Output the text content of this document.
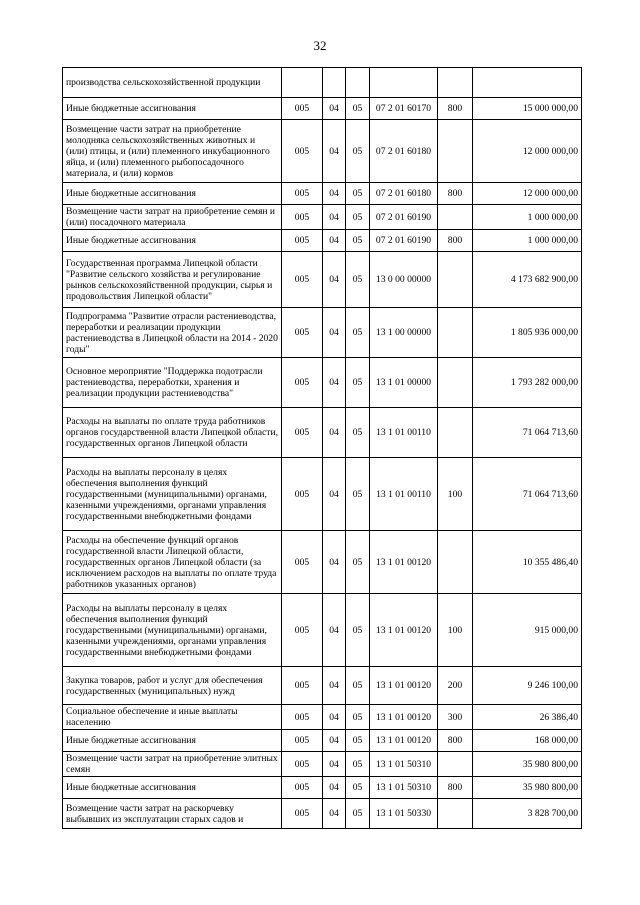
32
производства сельскохозяйственной продукции						
Иные бюджетные ассигнования	005	04	05	07 2 01 60170	800	15 000 000,00
Возмещение части затрат на приобретение молодняка сельскохозяйственных животных и (или) птицы, и (или) племенного инкубационного яйца, и (или) племенного рыбопосадочного материала, и (или) кормов	005	04	05	07 2 01 60180		12 000 000,00
Иные бюджетные ассигнования	005	04	05	07 2 01 60180	800	12 000 000,00
Возмещение части затрат на приобретение семян и (или) посадочного материала	005	04	05	07 2 01 60190		1 000 000,00
Иные бюджетные ассигнования	005	04	05	07 2 01 60190	800	1 000 000,00
Государственная программа Липецкой области "Развитие сельского хозяйства и регулирование рынков сельскохозяйственной продукции, сырья и продовольствия Липецкой области"	005	04	05	13 0 00 00000		4 173 682 900,00
Подпрограмма "Развитие отрасли растениеводства, переработки и реализации продукции растениеводства в Липецкой области на 2014 - 2020 годы"	005	04	05	13 1 00 00000		1 805 936 000,00
Основное мероприятие "Поддержка подотрасли растениеводства, переработки, хранения и реализации продукции растениеводства"	005	04	05	13 1 01 00000		1 793 282 000,00
Расходы на выплаты по оплате труда работников органов государственной власти Липецкой области, государственных органов Липецкой области	005	04	05	13 1 01 00110		71 064 713,60
Расходы на выплаты персоналу в целях обеспечения выполнения функций государственными (муниципальными) органами, казенными учреждениями, органами управления государственными внебюджетными фондами	005	04	05	13 1 01 00110	100	71 064 713,60
Расходы на обеспечение функций органов государственной власти Липецкой области, государственных органов Липецкой области (за исключением расходов на выплаты по оплате труда работников указанных органов)	005	04	05	13 1 01 00120		10 355 486,40
Расходы на выплаты персоналу в целях обеспечения выполнения функций государственными (муниципальными) органами, казенными учреждениями, органами управления государственными внебюджетными фондами	005	04	05	13 1 01 00120	100	915 000,00
Закупка товаров, работ и услуг для обеспечения государственных (муниципальных) нужд	005	04	05	13 1 01 00120	200	9 246 100,00
Социальное обеспечение и иные выплаты населению	005	04	05	13 1 01 00120	300	26 386,40
Иные бюджетные ассигнования	005	04	05	13 1 01 00120	800	168 000,00
Возмещение части затрат на приобретение элитных семян	005	04	05	13 1 01 50310		35 980 800,00
Иные бюджетные ассигнования	005	04	05	13 1 01 50310	800	35 980 800,00
Возмещение части затрат на раскорчевку выбывших из эксплуатации старых садов и	005	04	05	13 1 01 50330		3 828 700,00
